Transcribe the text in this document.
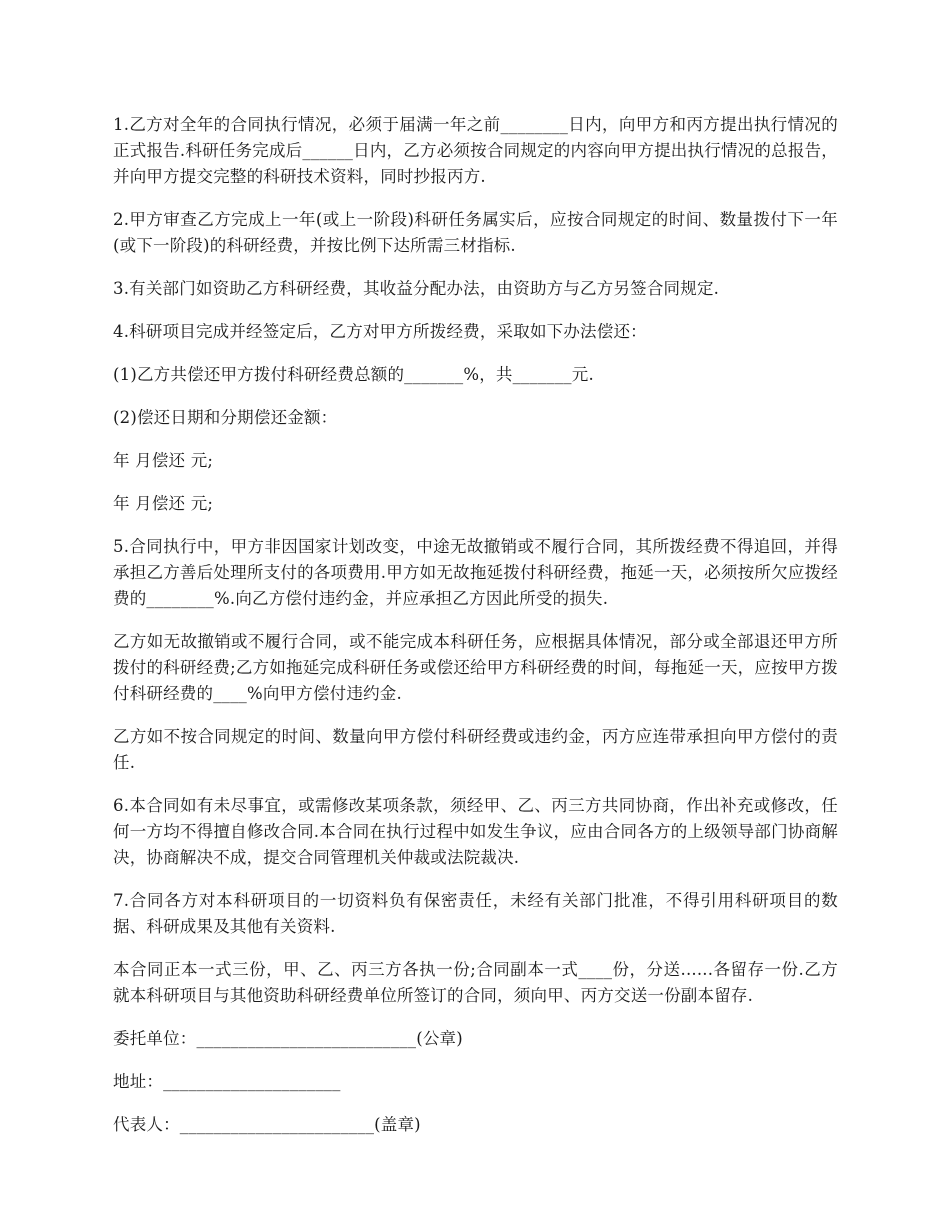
1.乙方对全年的合同执行情况，必须于届满一年之前________日内，向甲方和丙方提出执行情况的正式报告.科研任务完成后______日内，乙方必须按合同规定的内容向甲方提出执行情况的总报告，并向甲方提交完整的科研技术资料，同时抄报丙方.

2.甲方审查乙方完成上一年(或上一阶段)科研任务属实后，应按合同规定的时间、数量拨付下一年(或下一阶段)的科研经费，并按比例下达所需三材指标.

3.有关部门如资助乙方科研经费，其收益分配办法，由资助方与乙方另签合同规定.

4.科研项目完成并经签定后，乙方对甲方所拨经费，采取如下办法偿还：

(1)乙方共偿还甲方拨付科研经费总额的_______%，共_______元.

(2)偿还日期和分期偿还金额：

年 月偿还 元;

年 月偿还 元;

5.合同执行中，甲方非因国家计划改变，中途无故撤销或不履行合同，其所拨经费不得追回，并得承担乙方善后处理所支付的各项费用.甲方如无故拖延拨付科研经费，拖延一天，必须按所欠应拨经费的________%.向乙方偿付违约金，并应承担乙方因此所受的损失.

乙方如无故撤销或不履行合同，或不能完成本科研任务，应根据具体情况，部分或全部退还甲方所拨付的科研经费;乙方如拖延完成科研任务或偿还给甲方科研经费的时间，每拖延一天，应按甲方拨付科研经费的____%向甲方偿付违约金.

乙方如不按合同规定的时间、数量向甲方偿付科研经费或违约金，丙方应连带承担向甲方偿付的责任.

6.本合同如有未尽事宜，或需修改某项条款，须经甲、乙、丙三方共同协商，作出补充或修改，任何一方均不得擅自修改合同.本合同在执行过程中如发生争议，应由合同各方的上级领导部门协商解决，协商解决不成，提交合同管理机关仲裁或法院裁决.

7.合同各方对本科研项目的一切资料负有保密责任，未经有关部门批准，不得引用科研项目的数据、科研成果及其他有关资料.

本合同正本一式三份，甲、乙、丙三方各执一份;合同副本一式____份，分送......各留存一份.乙方就本科研项目与其他资助科研经费单位所签订的合同，须向甲、丙方交送一份副本留存.

委托单位：__________________________(公章)

地址：_____________________

代表人：_______________________(盖章)
